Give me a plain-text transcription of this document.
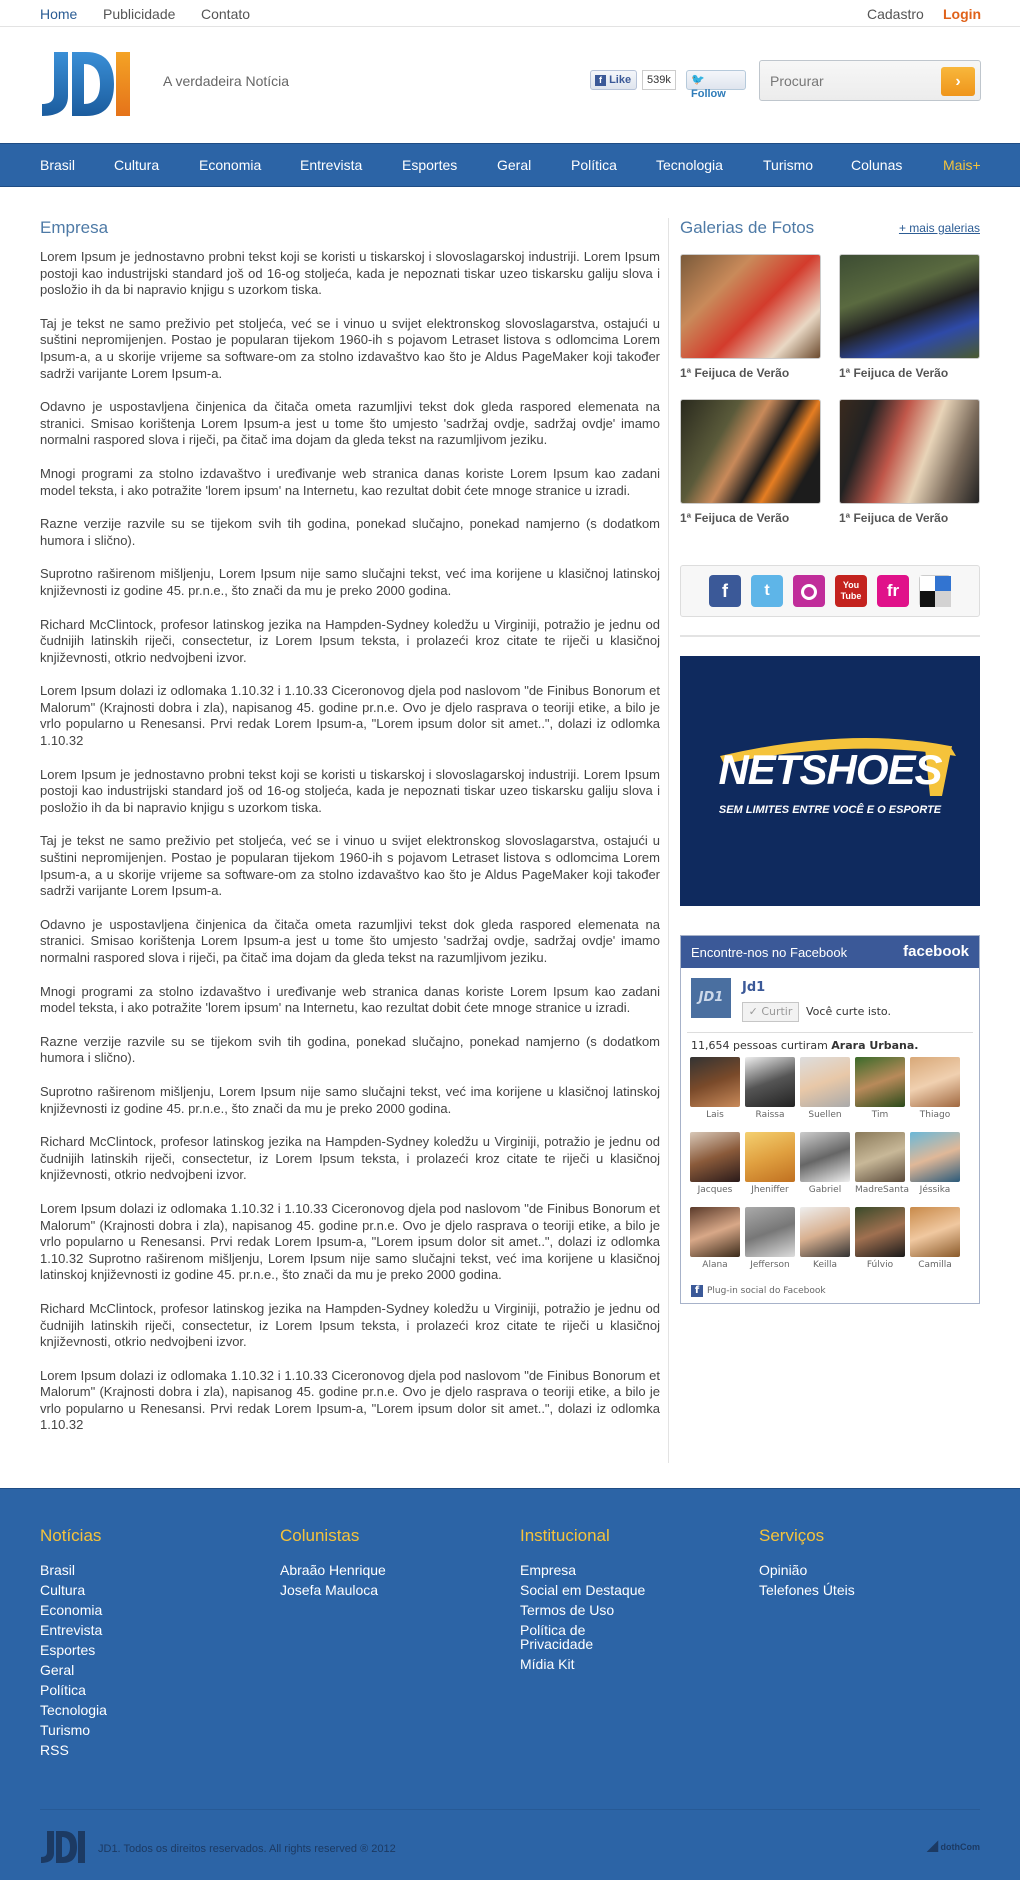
Home Publicidade Contato	Cadastro Login
A verdadeira Notícia	f Like	539k	🐦 Follow
Procurar
›
Brasil	Cultura	Economia	Entrevista	Esportes	Geral	Política	Tecnologia	Turismo	Colunas	Mais+
Empresa

Lorem Ipsum je jednostavno probni tekst koji se koristi u tiskarskoj i slovoslagarskoj industriji. Lorem Ipsum postoji kao industrijski standard još od 16-og stoljeća, kada je nepoznati tiskar uzeo tiskarsku galiju slova i posložio ih da bi napravio knjigu s uzorkom tiska.

Taj je tekst ne samo preživio pet stoljeća, već se i vinuo u svijet elektronskog slovoslagarstva, ostajući u suštini nepromijenjen. Postao je popularan tijekom 1960-ih s pojavom Letraset listova s odlomcima Lorem Ipsum-a, a u skorije vrijeme sa software-om za stolno izdavaštvo kao što je Aldus PageMaker koji također sadrži varijante Lorem Ipsum-a.

Odavno je uspostavljena činjenica da čitača ometa razumljivi tekst dok gleda raspored elemenata na stranici. Smisao korištenja Lorem Ipsum-a jest u tome što umjesto 'sadržaj ovdje, sadržaj ovdje' imamo normalni raspored slova i riječi, pa čitač ima dojam da gleda tekst na razumljivom jeziku.

Mnogi programi za stolno izdavaštvo i uređivanje web stranica danas koriste Lorem Ipsum kao zadani model teksta, i ako potražite 'lorem ipsum' na Internetu, kao rezultat dobit ćete mnoge stranice u izradi.

Razne verzije razvile su se tijekom svih tih godina, ponekad slučajno, ponekad namjerno (s dodatkom humora i slično).

Suprotno raširenom mišljenju, Lorem Ipsum nije samo slučajni tekst, već ima korijene u klasičnoj latinskoj književnosti iz godine 45. pr.n.e., što znači da mu je preko 2000 godina.

Richard McClintock, profesor latinskog jezika na Hampden-Sydney koledžu u Virginiji, potražio je jednu od čudnijih latinskih riječi, consectetur, iz Lorem Ipsum teksta, i prolazeći kroz citate te riječi u klasičnoj književnosti, otkrio nedvojbeni izvor.

Lorem Ipsum dolazi iz odlomaka 1.10.32 i 1.10.33 Ciceronovog djela pod naslovom "de Finibus Bonorum et Malorum" (Krajnosti dobra i zla), napisanog 45. godine pr.n.e. Ovo je djelo rasprava o teoriji etike, a bilo je vrlo popularno u Renesansi. Prvi redak Lorem Ipsum-a, "Lorem ipsum dolor sit amet..", dolazi iz odlomka 1.10.32

Lorem Ipsum je jednostavno probni tekst koji se koristi u tiskarskoj i slovoslagarskoj industriji. Lorem Ipsum postoji kao industrijski standard još od 16-og stoljeća, kada je nepoznati tiskar uzeo tiskarsku galiju slova i posložio ih da bi napravio knjigu s uzorkom tiska.

Taj je tekst ne samo preživio pet stoljeća, već se i vinuo u svijet elektronskog slovoslagarstva, ostajući u suštini nepromijenjen. Postao je popularan tijekom 1960-ih s pojavom Letraset listova s odlomcima Lorem Ipsum-a, a u skorije vrijeme sa software-om za stolno izdavaštvo kao što je Aldus PageMaker koji također sadrži varijante Lorem Ipsum-a.

Odavno je uspostavljena činjenica da čitača ometa razumljivi tekst dok gleda raspored elemenata na stranici. Smisao korištenja Lorem Ipsum-a jest u tome što umjesto 'sadržaj ovdje, sadržaj ovdje' imamo normalni raspored slova i riječi, pa čitač ima dojam da gleda tekst na razumljivom jeziku.

Mnogi programi za stolno izdavaštvo i uređivanje web stranica danas koriste Lorem Ipsum kao zadani model teksta, i ako potražite 'lorem ipsum' na Internetu, kao rezultat dobit ćete mnoge stranice u izradi.

Razne verzije razvile su se tijekom svih tih godina, ponekad slučajno, ponekad namjerno (s dodatkom humora i slično).

Suprotno raširenom mišljenju, Lorem Ipsum nije samo slučajni tekst, već ima korijene u klasičnoj latinskoj književnosti iz godine 45. pr.n.e., što znači da mu je preko 2000 godina.

Richard McClintock, profesor latinskog jezika na Hampden-Sydney koledžu u Virginiji, potražio je jednu od čudnijih latinskih riječi, consectetur, iz Lorem Ipsum teksta, i prolazeći kroz citate te riječi u klasičnoj književnosti, otkrio nedvojbeni izvor.

Lorem Ipsum dolazi iz odlomaka 1.10.32 i 1.10.33 Ciceronovog djela pod naslovom "de Finibus Bonorum et Malorum" (Krajnosti dobra i zla), napisanog 45. godine pr.n.e. Ovo je djelo rasprava o teoriji etike, a bilo je vrlo popularno u Renesansi. Prvi redak Lorem Ipsum-a, "Lorem ipsum dolor sit amet..", dolazi iz odlomka 1.10.32 Suprotno raširenom mišljenju, Lorem Ipsum nije samo slučajni tekst, već ima korijene u klasičnoj latinskoj književnosti iz godine 45. pr.n.e., što znači da mu je preko 2000 godina.

Richard McClintock, profesor latinskog jezika na Hampden-Sydney koledžu u Virginiji, potražio je jednu od čudnijih latinskih riječi, consectetur, iz Lorem Ipsum teksta, i prolazeći kroz citate te riječi u klasičnoj književnosti, otkrio nedvojbeni izvor.

Lorem Ipsum dolazi iz odlomaka 1.10.32 i 1.10.33 Ciceronovog djela pod naslovom "de Finibus Bonorum et Malorum" (Krajnosti dobra i zla), napisanog 45. godine pr.n.e. Ovo je djelo rasprava o teoriji etike, a bilo je vrlo popularno u Renesansi. Prvi redak Lorem Ipsum-a, "Lorem ipsum dolor sit amet..", dolazi iz odlomka 1.10.32

Galerias de Fotos	+ mais galerias
1ª Feijuca de Verão	1ª Feijuca de Verão
1ª Feijuca de Verão	1ª Feijuca de Verão
f	t	You Tube	fr
NETSHOES
SEM LIMITES ENTRE VOCÊ E O ESPORTE
Encontre-nos no Facebook	facebook
JD1
Jd1
✓ Curtir	Você curte isto.
11,654 pessoas curtiram Arara Urbana.
Lais	Raissa	Suellen	Tim	Thiago
Jacques	Jheniffer	Gabriel	MadreSanta	Jéssika
Alana	Jefferson	Keilla	Fúlvio	Camilla
f Plug-in social do Facebook
Notícias
Brasil
Cultura
Economia
Entrevista
Esportes
Geral
Política
Tecnologia
Turismo
RSS
Colunistas
Abraão Henrique
Josefa Mauloca
Institucional
Empresa
Social em Destaque
Termos de Uso
Política de Privacidade
Mídia Kit
Serviços
Opinião
Telefones Úteis
JD1. Todos os direitos reservados. All rights reserved ® 2012	◢ dothCom
